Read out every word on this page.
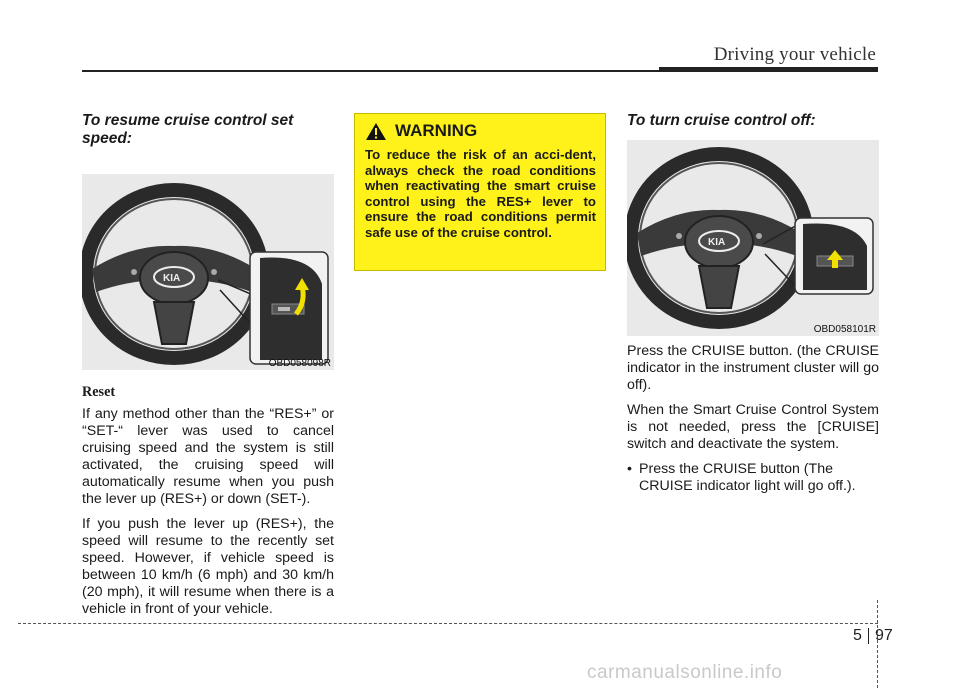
Driving your vehicle

To resume cruise control set speed:

KIA
OBD058098R

Reset

If any method other than the “RES+” or “SET-“ lever was used to cancel cruising speed and the system is still activated, the cruising speed will automatically resume when you push the lever up (RES+) or down (SET-).

If you push the lever up (RES+), the speed will resume to the recently set speed. However, if vehicle speed is between 10 km/h (6 mph) and 30 km/h (20 mph), it will resume when there is a vehicle in front of your vehicle.

WARNING

To reduce the risk of an acci-dent, always check the road conditions when reactivating the smart cruise control using the RES+ lever to ensure the road conditions permit safe use of the cruise control.

To turn cruise control off:

KIA
OBD058101R

Press the CRUISE button. (the CRUISE indicator in the instrument cluster will go off).

When the Smart Cruise Control System is not needed, press the [CRUISE] switch and deactivate the system.

• Press the CRUISE button (The CRUISE indicator light will go off.).
5 97
carmanualsonline.info
